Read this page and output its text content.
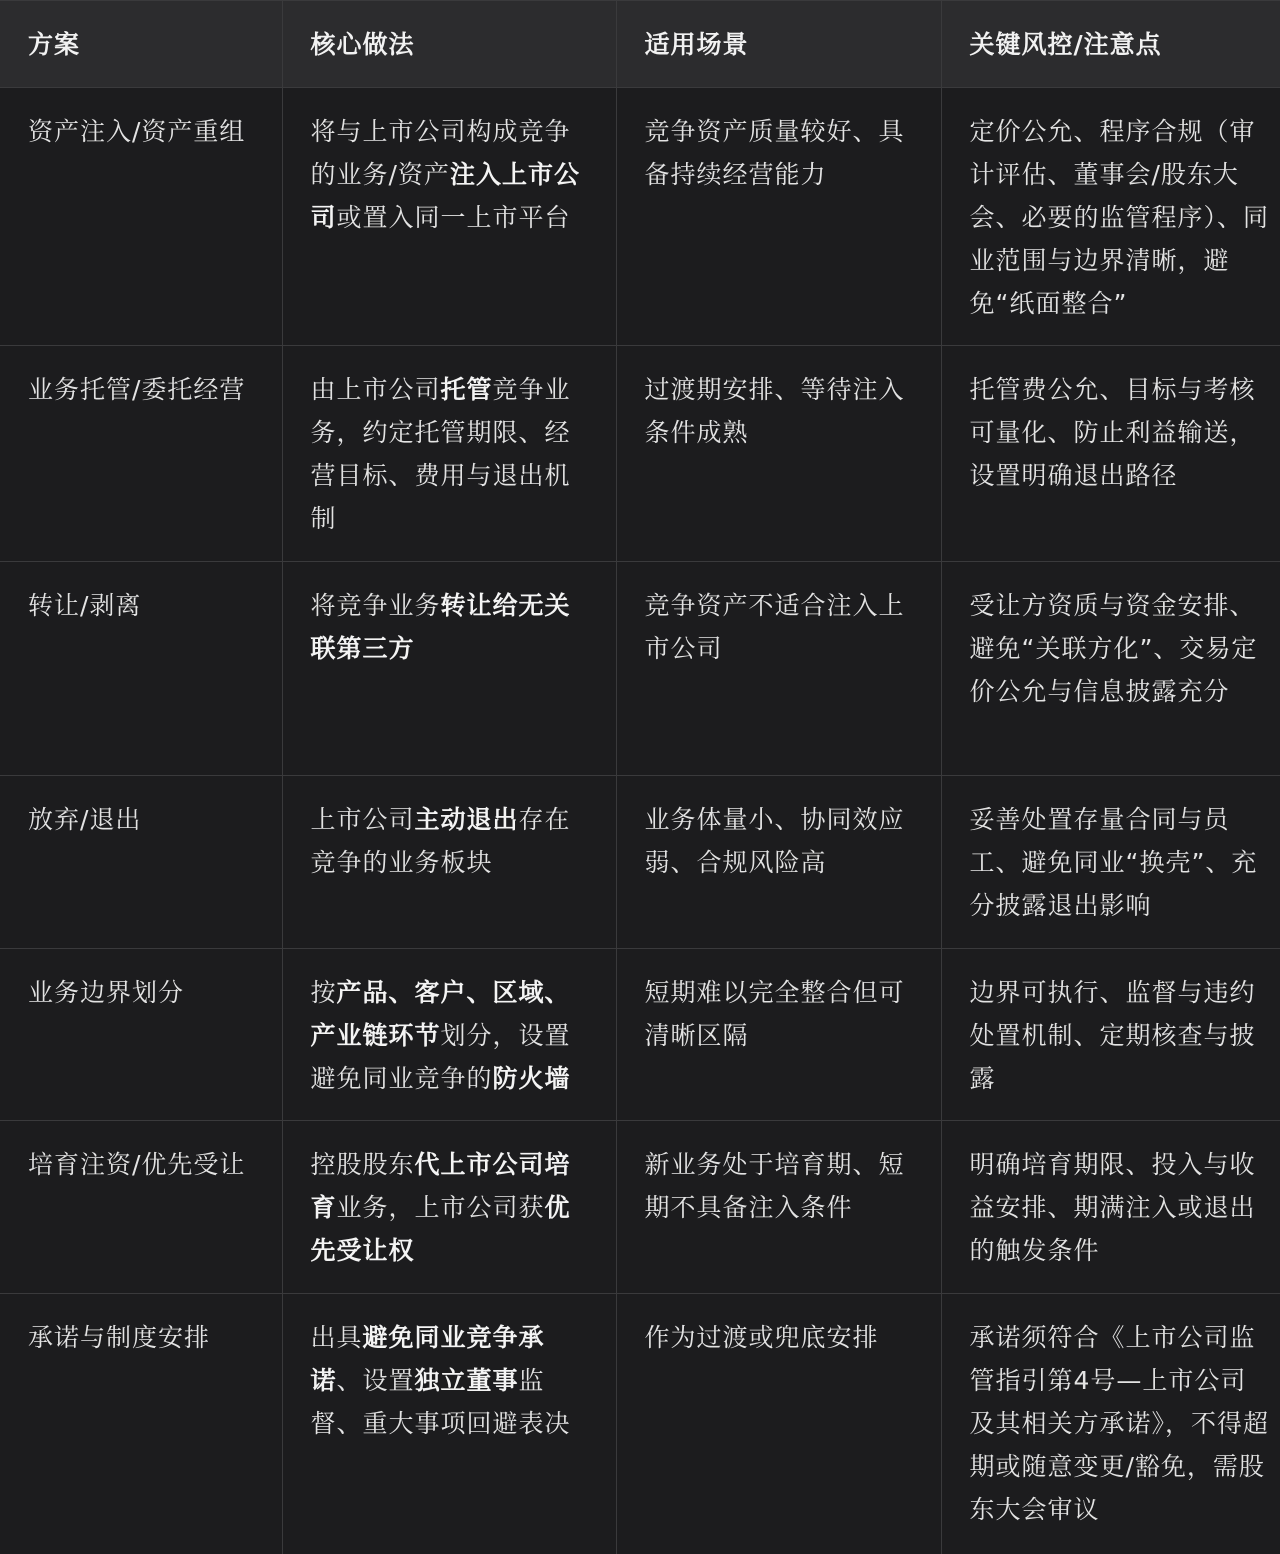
方案	核心做法	适用场景	关键风控/注意点
资产注入/资产重组	将与上市公司构成竞争的业务/资产注入上市公司或置入同一上市平台	竞争资产质量较好、具备持续经营能力	定价公允、程序合规（审计评估、董事会/股东大会、必要的监管程序）、同业范围与边界清晰，避免“纸面整合”
业务托管/委托经营	由上市公司托管竞争业务，约定托管期限、经营目标、费用与退出机制	过渡期安排、等待注入条件成熟	托管费公允、目标与考核可量化、防止利益输送，设置明确退出路径
转让/剥离	将竞争业务转让给无关联第三方	竞争资产不适合注入上市公司	受让方资质与资金安排、避免“关联方化”、交易定价公允与信息披露充分
放弃/退出	上市公司主动退出存在竞争的业务板块	业务体量小、协同效应弱、合规风险高	妥善处置存量合同与员工、避免同业“换壳”、充分披露退出影响
业务边界划分	按产品、客户、区域、产业链环节划分，设置避免同业竞争的防火墙	短期难以完全整合但可清晰区隔	边界可执行、监督与违约处置机制、定期核查与披露
培育注资/优先受让	控股股东代上市公司培育业务，上市公司获优先受让权	新业务处于培育期、短期不具备注入条件	明确培育期限、投入与收益安排、期满注入或退出的触发条件
承诺与制度安排	出具避免同业竞争承诺、设置独立董事监督、重大事项回避表决	作为过渡或兜底安排	承诺须符合《上市公司监管指引第4号—上市公司及其相关方承诺》，不得超期或随意变更/豁免，需股东大会审议
